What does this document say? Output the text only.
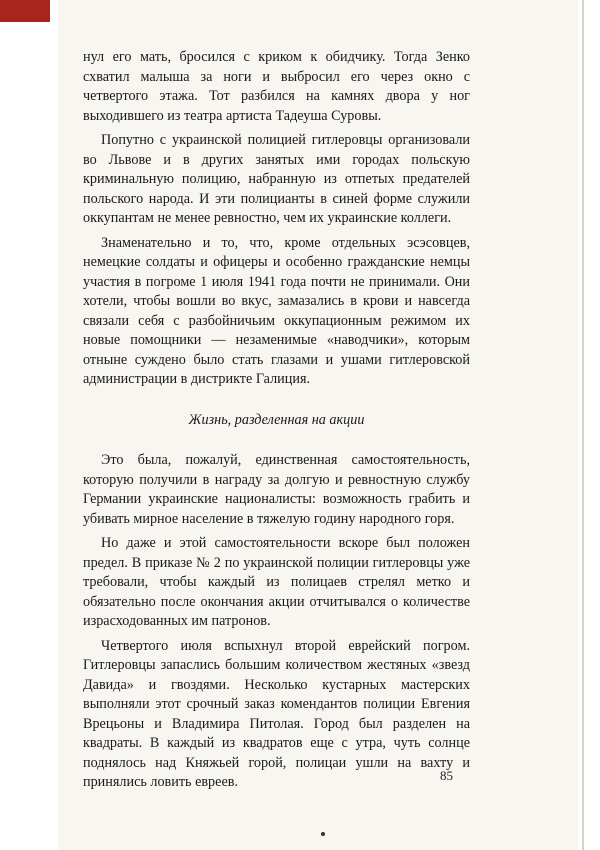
нул его мать, бросился с криком к обидчику. Тогда Зенко схватил малыша за ноги и выбросил его через окно с четвертого этажа. Тот разбился на камнях двора у ног выходившего из театра артиста Тадеуша Суровы.

Попутно с украинской полицией гитлеровцы организовали во Львове и в других занятых ими городах польскую криминальную полицию, набранную из отпетых предателей польского народа. И эти полицианты в синей форме служили оккупантам не менее ревностно, чем их украинские коллеги.

Знаменательно и то, что, кроме отдельных эсэсовцев, немецкие солдаты и офицеры и особенно гражданские немцы участия в погроме 1 июля 1941 года почти не принимали. Они хотели, чтобы вошли во вкус, замазались в крови и навсегда связали себя с разбойничьим оккупационным режимом их новые помощники — незаменимые «наводчики», которым отныне суждено было стать глазами и ушами гитлеровской администрации в дистрикте Галиция.

Жизнь, разделенная на акции

Это была, пожалуй, единственная самостоятельность, которую получили в награду за долгую и ревностную службу Германии украинские националисты: возможность грабить и убивать мирное население в тяжелую годину народного горя.

Но даже и этой самостоятельности вскоре был положен предел. В приказе № 2 по украинской полиции гитлеровцы уже требовали, чтобы каждый из полицаев стрелял метко и обязательно после окончания акции отчитывался о количестве израсходованных им патронов.

Четвертого июля вспыхнул второй еврейский погром. Гитлеровцы запаслись большим количеством жестяных «звезд Давида» и гвоздями. Несколько кустарных мастерских выполняли этот срочный заказ комендантов полиции Евгения Врецьоны и Владимира Питолая. Город был разделен на квадраты. В каждый из квадратов еще с утра, чуть солнце поднялось над Княжьей горой, полицаи ушли на вахту и принялись ловить евреев.	85
